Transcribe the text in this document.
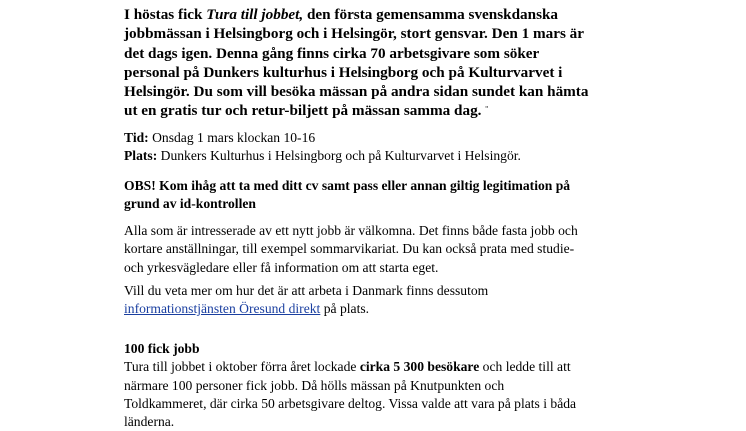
I höstas fick Tura till jobbet, den första gemensamma svenskdanska
jobbmässan i Helsingborg och i Helsingör, stort gensvar. Den 1 mars är
det dags igen. Denna gång finns cirka 70 arbetsgivare som söker
personal på Dunkers kulturhus i Helsingborg och på Kulturvarvet i
Helsingör. Du som vill besöka mässan på andra sidan sundet kan hämta
ut en gratis tur och retur-biljett på mässan samma dag. ¨
Tid: Onsdag 1 mars klockan 10-16
Plats: Dunkers Kulturhus i Helsingborg och på Kulturvarvet i Helsingör.
OBS! Kom ihåg att ta med ditt cv samt pass eller annan giltig legitimation på
grund av id-kontrollen
Alla som är intresserade av ett nytt jobb är välkomna. Det finns både fasta jobb och
kortare anställningar, till exempel sommarvikariat. Du kan också prata med studie-
och yrkesvägledare eller få information om att starta eget.
Vill du veta mer om hur det är att arbeta i Danmark finns dessutom
informationstjänsten Öresund direkt på plats.
100 fick jobb
Tura till jobbet i oktober förra året lockade cirka 5 300 besökare och ledde till att
närmare 100 personer fick jobb. Då hölls mässan på Knutpunkten och
Toldkammeret, där cirka 50 arbetsgivare deltog. Vissa valde att vara på plats i båda
länderna.
